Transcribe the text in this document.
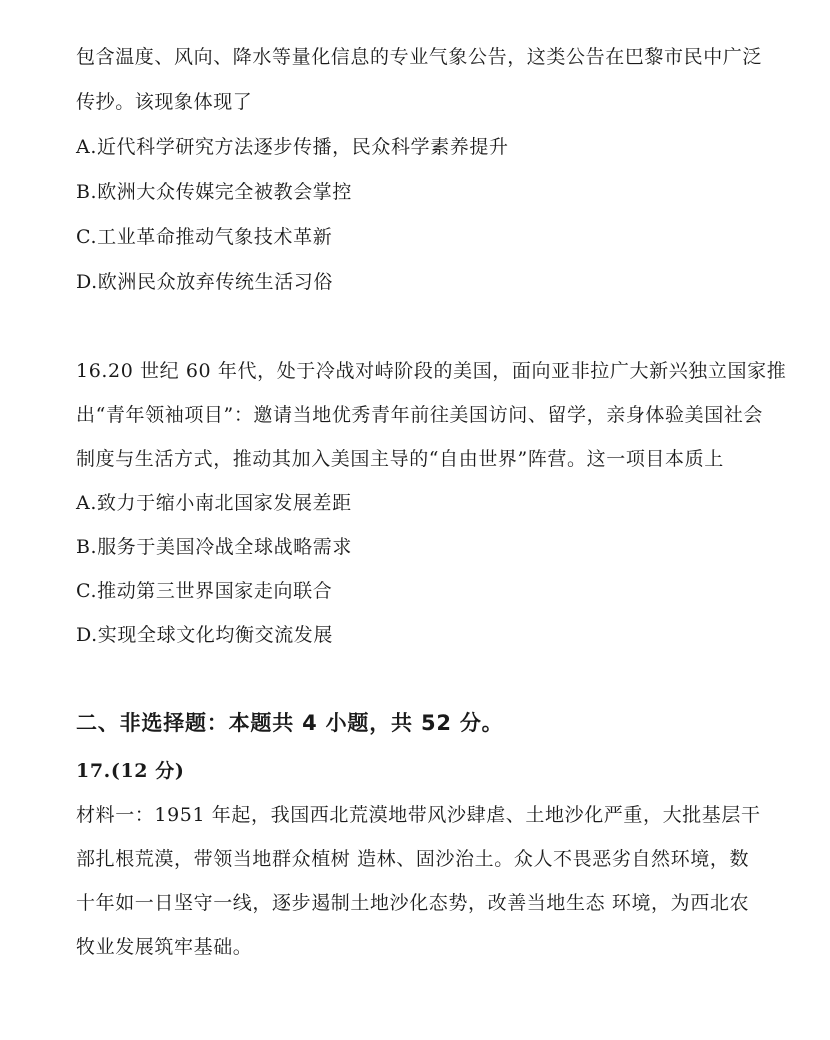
包含温度、风向、降水等量化信息的专业气象公告，这类公告在巴黎市民中广泛
传抄。该现象体现了
A.近代科学研究方法逐步传播，民众科学素养提升
B.欧洲大众传媒完全被教会掌控
C.工业革命推动气象技术革新
D.欧洲民众放弃传统生活习俗
16.20 世纪 60 年代，处于冷战对峙阶段的美国，面向亚非拉广大新兴独立国家推
出“青年领袖项目”：邀请当地优秀青年前往美国访问、留学，亲身体验美国社会
制度与生活方式，推动其加入美国主导的“自由世界”阵营。这一项目本质上
A.致力于缩小南北国家发展差距
B.服务于美国冷战全球战略需求
C.推动第三世界国家走向联合
D.实现全球文化均衡交流发展
二、非选择题：本题共 4 小题，共 52 分。
17.(12 分)
材料一：1951 年起，我国西北荒漠地带风沙肆虐、土地沙化严重，大批基层干
部扎根荒漠，带领当地群众植树 造林、固沙治土。众人不畏恶劣自然环境，数
十年如一日坚守一线，逐步遏制土地沙化态势，改善当地生态 环境，为西北农
牧业发展筑牢基础。
